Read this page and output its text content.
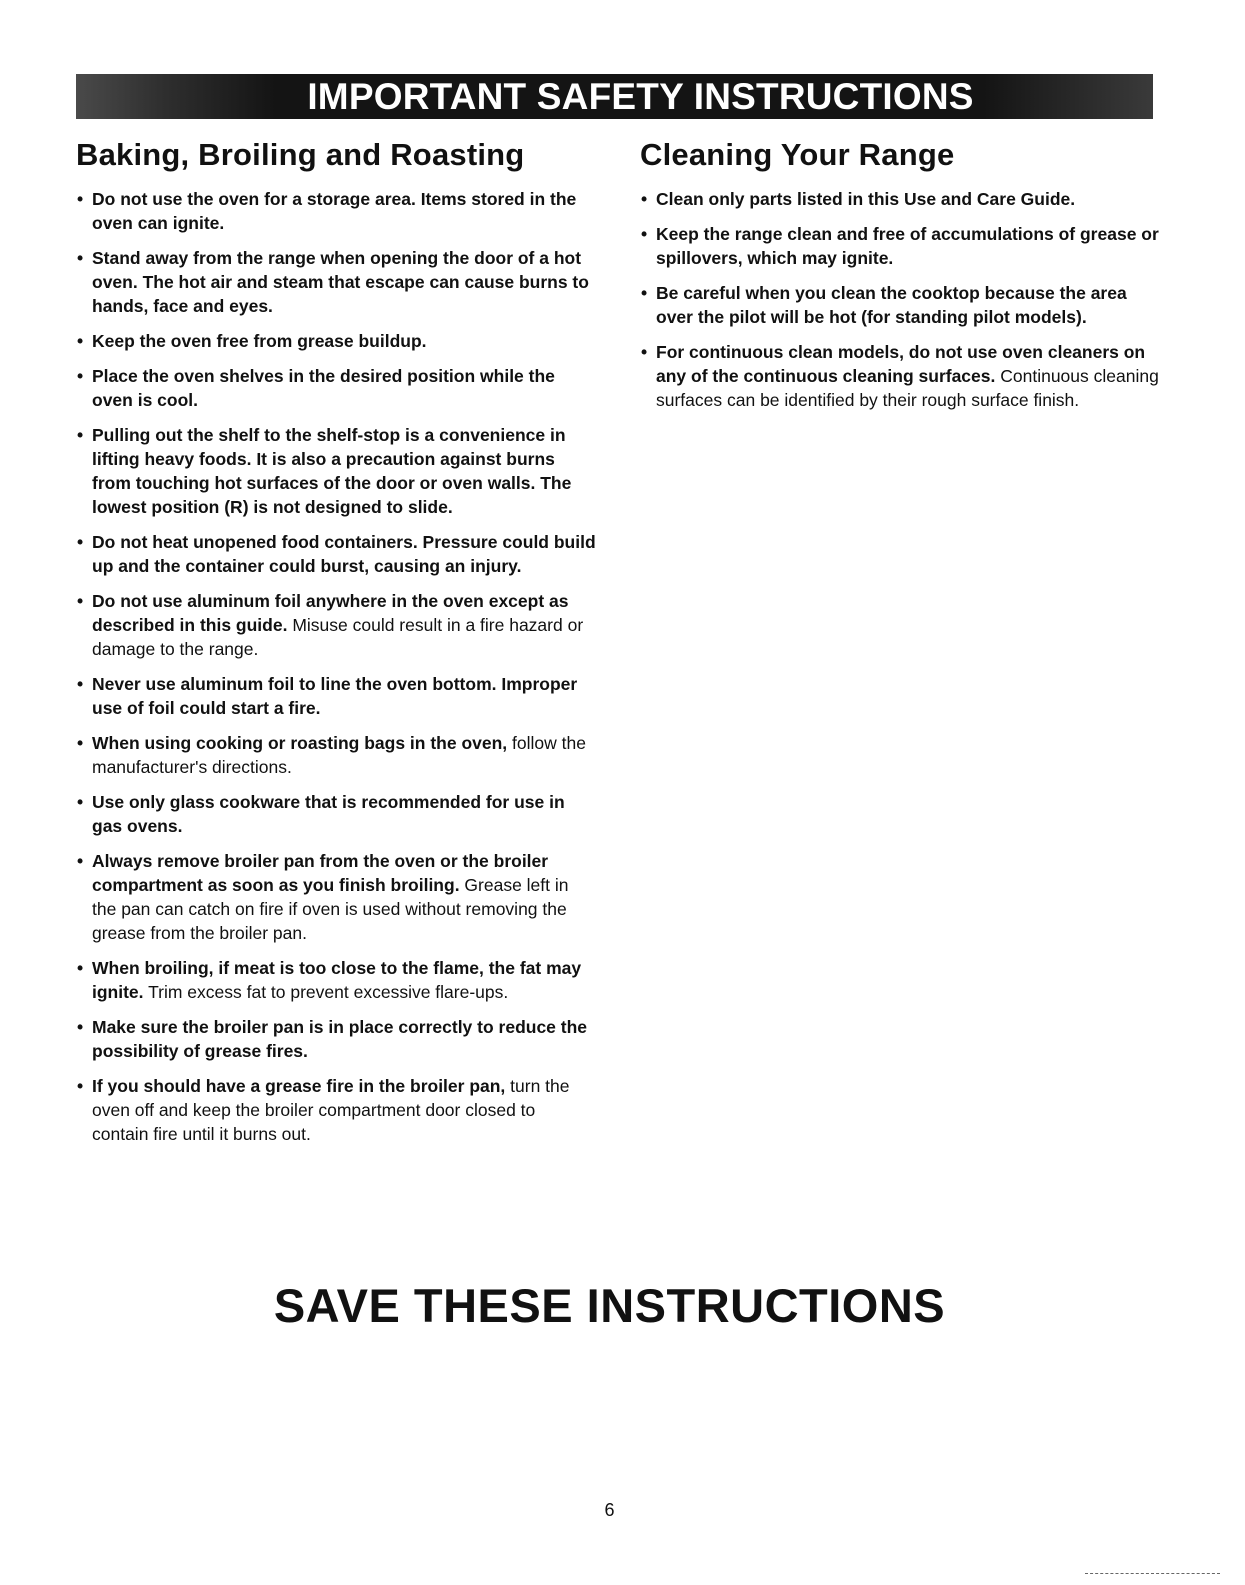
IMPORTANT SAFETY INSTRUCTIONS
Baking, Broiling and Roasting
• Do not use the oven for a storage area. Items stored in the oven can ignite.
• Stand away from the range when opening the door of a hot oven. The hot air and steam that escape can cause burns to hands, face and eyes.
• Keep the oven free from grease buildup.
• Place the oven shelves in the desired position while the oven is cool.
• Pulling out the shelf to the shelf-stop is a convenience in lifting heavy foods. It is also a precaution against burns from touching hot surfaces of the door or oven walls. The lowest position (R) is not designed to slide.
• Do not heat unopened food containers. Pressure could build up and the container could burst, causing an injury.
• Do not use aluminum foil anywhere in the oven except as described in this guide. Misuse could result in a fire hazard or damage to the range.
• Never use aluminum foil to line the oven bottom. Improper use of foil could start a fire.
• When using cooking or roasting bags in the oven, follow the manufacturer's directions.
• Use only glass cookware that is recommended for use in gas ovens.
• Always remove broiler pan from the oven or the broiler compartment as soon as you finish broiling. Grease left in the pan can catch on fire if oven is used without removing the grease from the broiler pan.
• When broiling, if meat is too close to the flame, the fat may ignite. Trim excess fat to prevent excessive flare-ups.
• Make sure the broiler pan is in place correctly to reduce the possibility of grease fires.
• If you should have a grease fire in the broiler pan, turn the oven off and keep the broiler compartment door closed to contain fire until it burns out.
Cleaning Your Range
• Clean only parts listed in this Use and Care Guide.
• Keep the range clean and free of accumulations of grease or spillovers, which may ignite.
• Be careful when you clean the cooktop because the area over the pilot will be hot (for standing pilot models).
• For continuous clean models, do not use oven cleaners on any of the continuous cleaning surfaces. Continuous cleaning surfaces can be identified by their rough surface finish.
SAVE THESE INSTRUCTIONS
6
